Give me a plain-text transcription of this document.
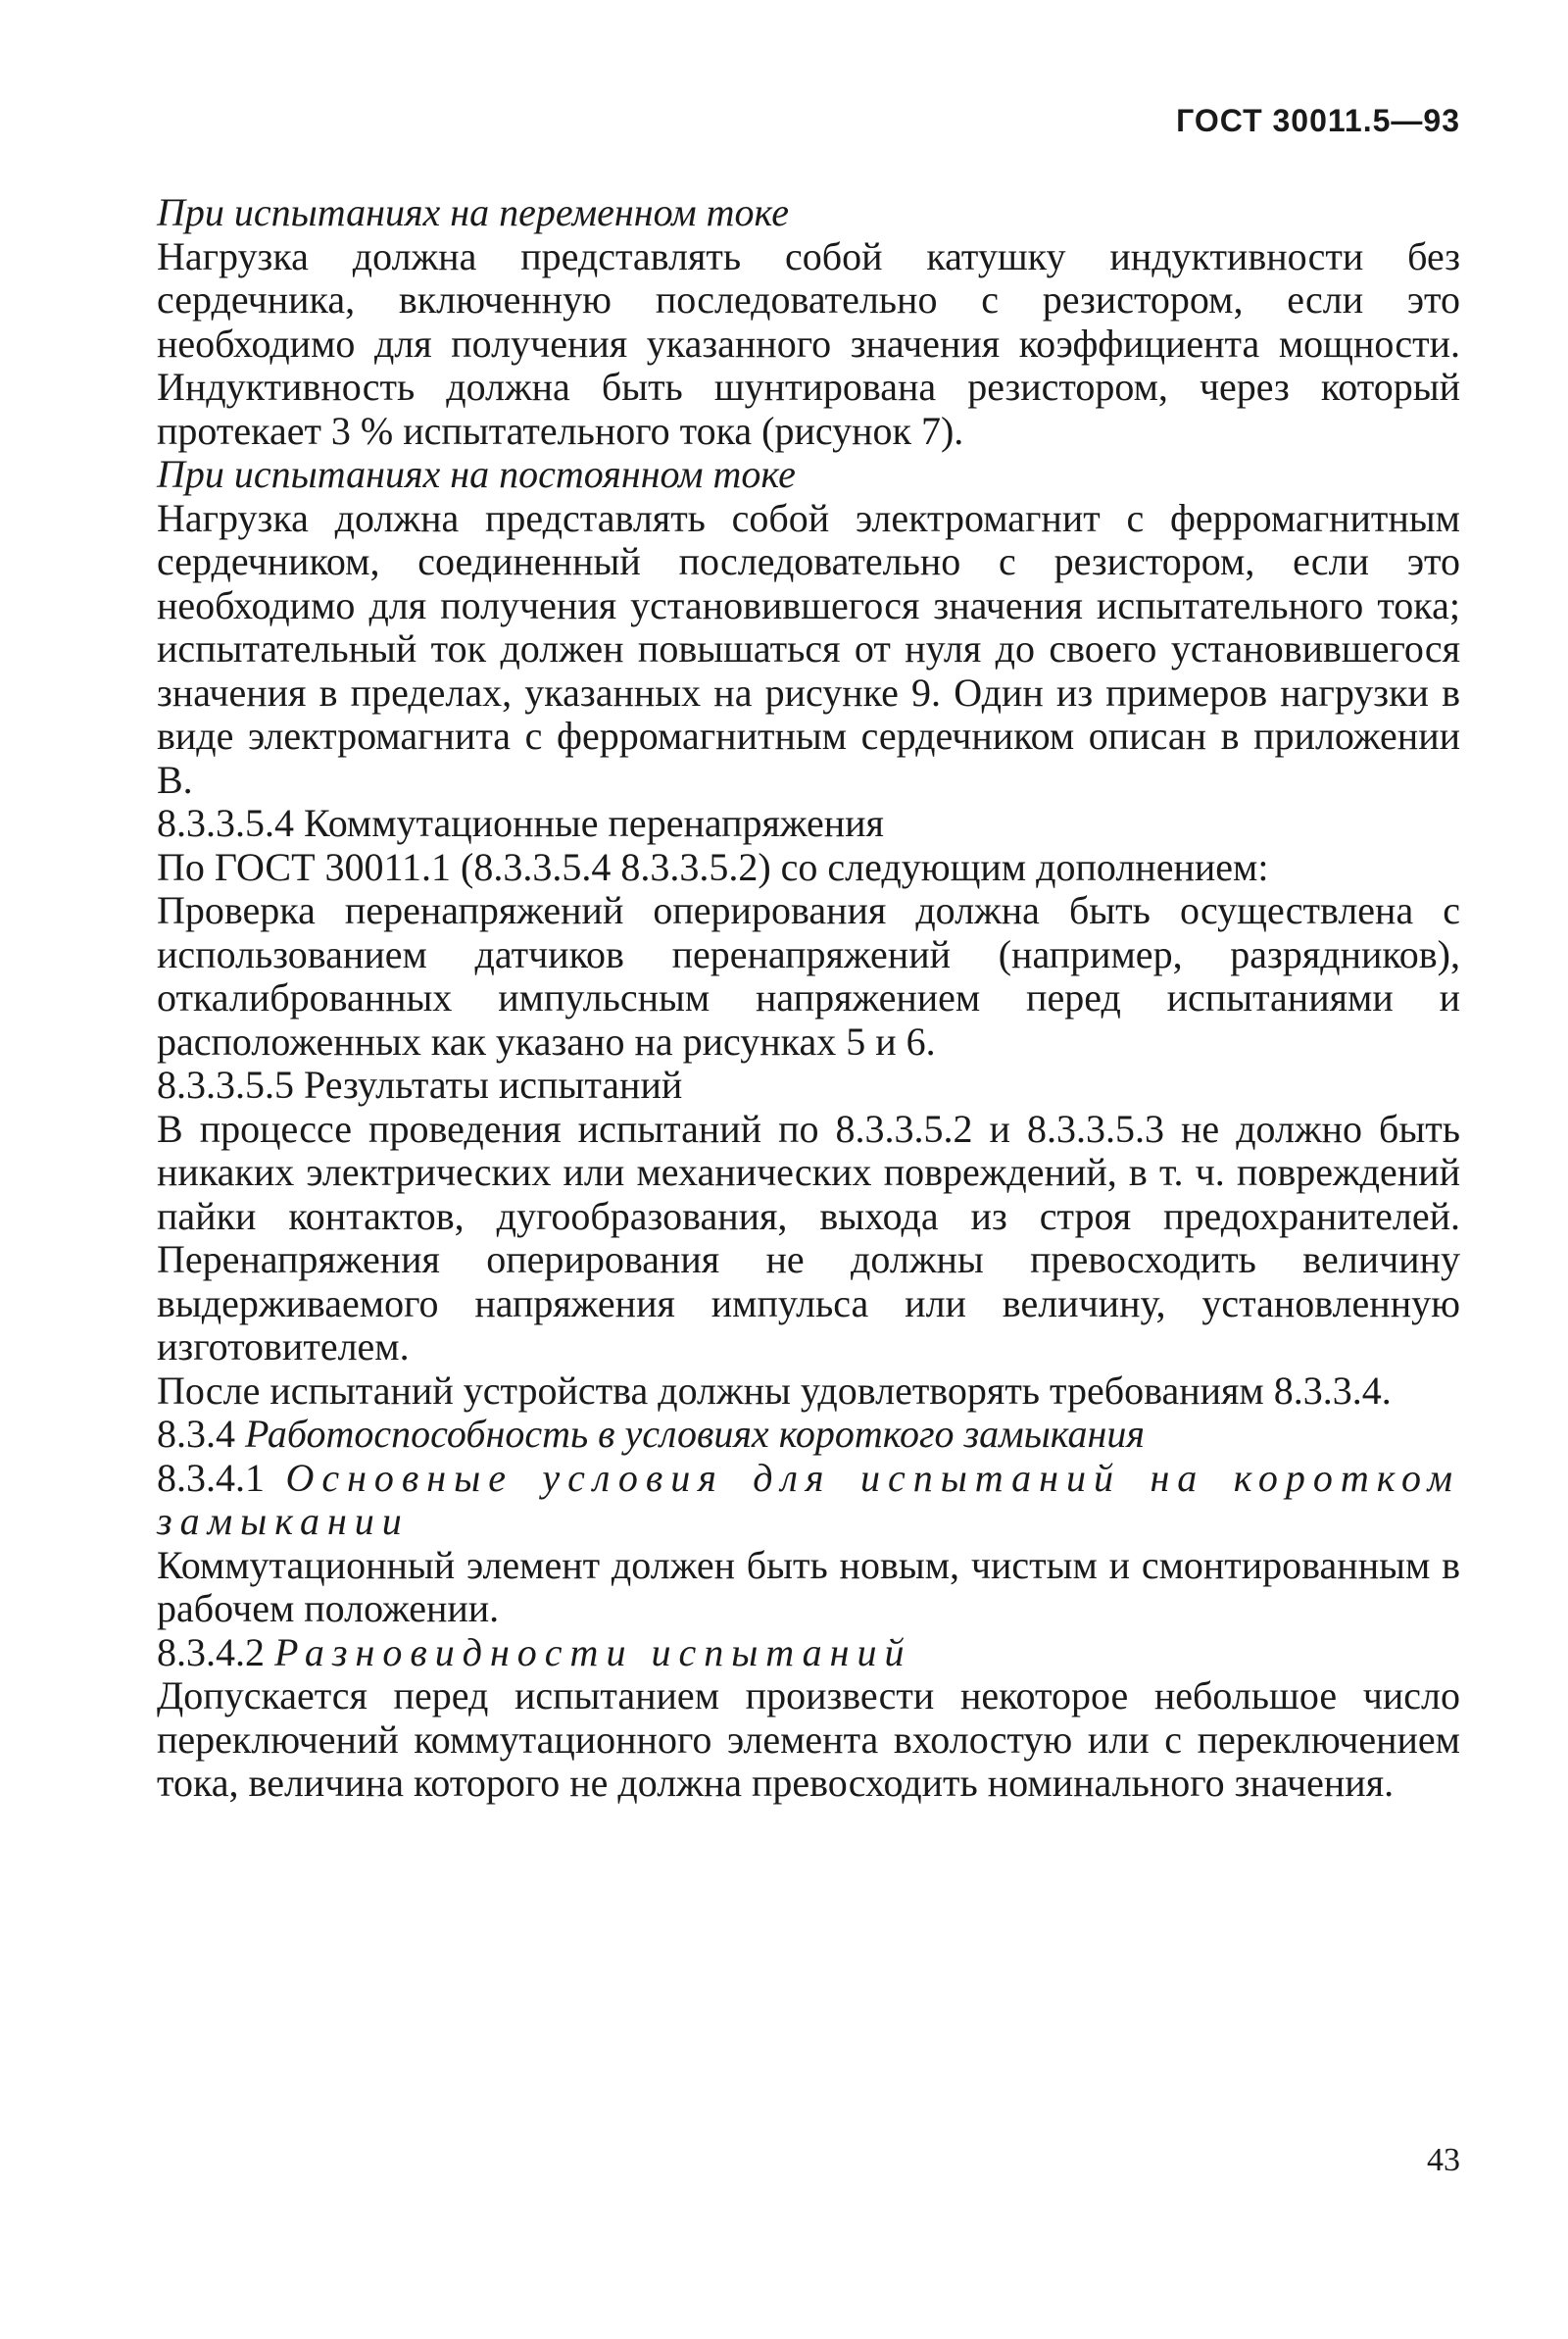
ГОСТ 30011.5—93

При испытаниях на переменном токе

Нагрузка должна представлять собой катушку индуктивности без сердечника, включенную последовательно с резистором, если это необходимо для получения указанного значения коэффициента мощности. Индуктивность должна быть шунтирована резистором, через который протекает 3 % испытательного тока (рисунок 7).

При испытаниях на постоянном токе

Нагрузка должна представлять собой электромагнит с ферромагнитным сердечником, соединенный последовательно с резистором, если это необходимо для получения установившегося значения испытательного тока; испытательный ток должен повышаться от нуля до своего установившегося значения в пределах, указанных на рисунке 9. Один из примеров нагрузки в виде электромагнита с ферромагнитным сердечником описан в приложении В.

8.3.3.5.4 Коммутационные перенапряжения

По ГОСТ 30011.1 (8.3.3.5.4 8.3.3.5.2) со следующим дополнением:

Проверка перенапряжений оперирования должна быть осуществлена с использованием датчиков перенапряжений (например, разрядников), откалиброванных импульсным напряжением перед испытаниями и расположенных как указано на рисунках 5 и 6.

8.3.3.5.5 Результаты испытаний

В процессе проведения испытаний по 8.3.3.5.2 и 8.3.3.5.3 не должно быть никаких электрических или механических повреждений, в т. ч. повреждений пайки контактов, дугообразования, выхода из строя предохранителей. Перенапряжения оперирования не должны превосходить величину выдерживаемого напряжения импульса или величину, установленную изготовителем.

После испытаний устройства должны удовлетворять требованиям 8.3.3.4.

8.3.4 Работоспособность в условиях короткого замыкания

8.3.4.1 Основные условия для испытаний на коротком замыкании

Коммутационный элемент должен быть новым, чистым и смонтированным в рабочем положении.

8.3.4.2 Разновидности испытаний

Допускается перед испытанием произвести некоторое небольшое число переключений коммутационного элемента вхолостую или с переключением тока, величина которого не должна превосходить номинального значения.

43
